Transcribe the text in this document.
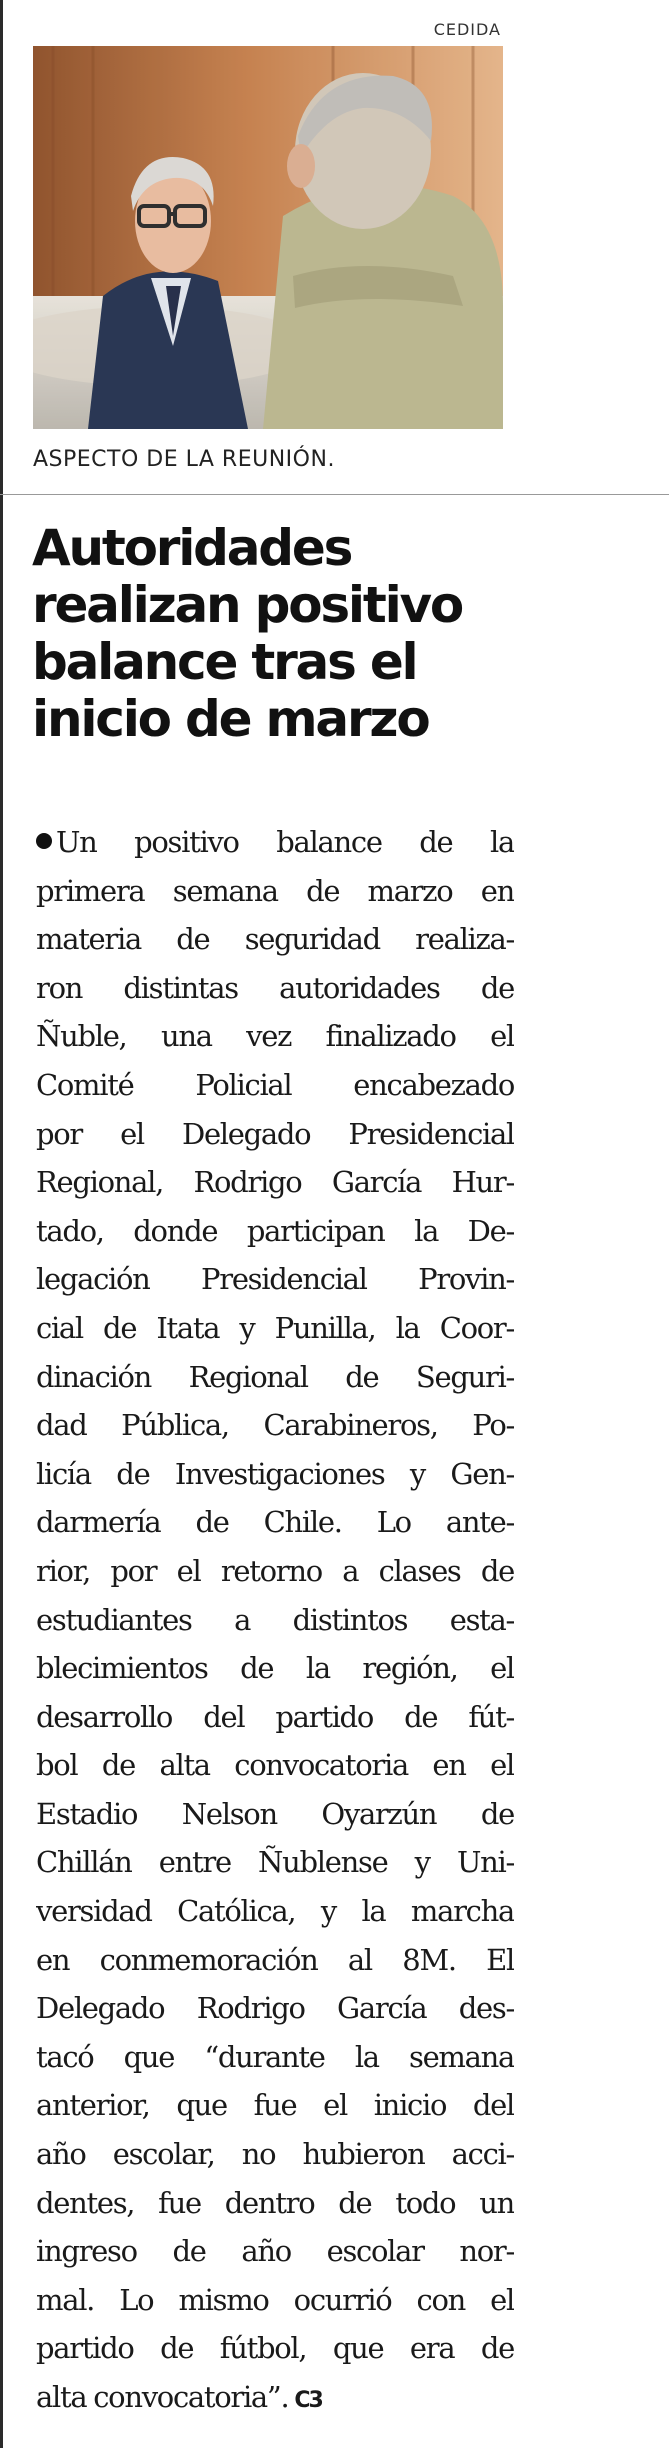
CEDIDA
ASPECTO DE LA REUNIÓN.
Autoridades
realizan positivo
balance tras el
inicio de marzo
Un positivo balance de la
primera semana de marzo en
materia de seguridad realiza-
ron distintas autoridades de
Ñuble, una vez finalizado el
Comité Policial encabezado
por el Delegado Presidencial
Regional, Rodrigo García Hur-
tado, donde participan la De-
legación Presidencial Provin-
cial de Itata y Punilla, la Coor-
dinación Regional de Seguri-
dad Pública, Carabineros, Po-
licía de Investigaciones y Gen-
darmería de Chile. Lo ante-
rior, por el retorno a clases de
estudiantes a distintos esta-
blecimientos de la región, el
desarrollo del partido de fút-
bol de alta convocatoria en el
Estadio Nelson Oyarzún de
Chillán entre Ñublense y Uni-
versidad Católica, y la marcha
en conmemoración al 8M. El
Delegado Rodrigo García des-
tacó que “durante la semana
anterior, que fue el inicio del
año escolar, no hubieron acci-
dentes, fue dentro de todo un
ingreso de año escolar nor-
mal. Lo mismo ocurrió con el
partido de fútbol, que era de
alta convocatoria”. C3
